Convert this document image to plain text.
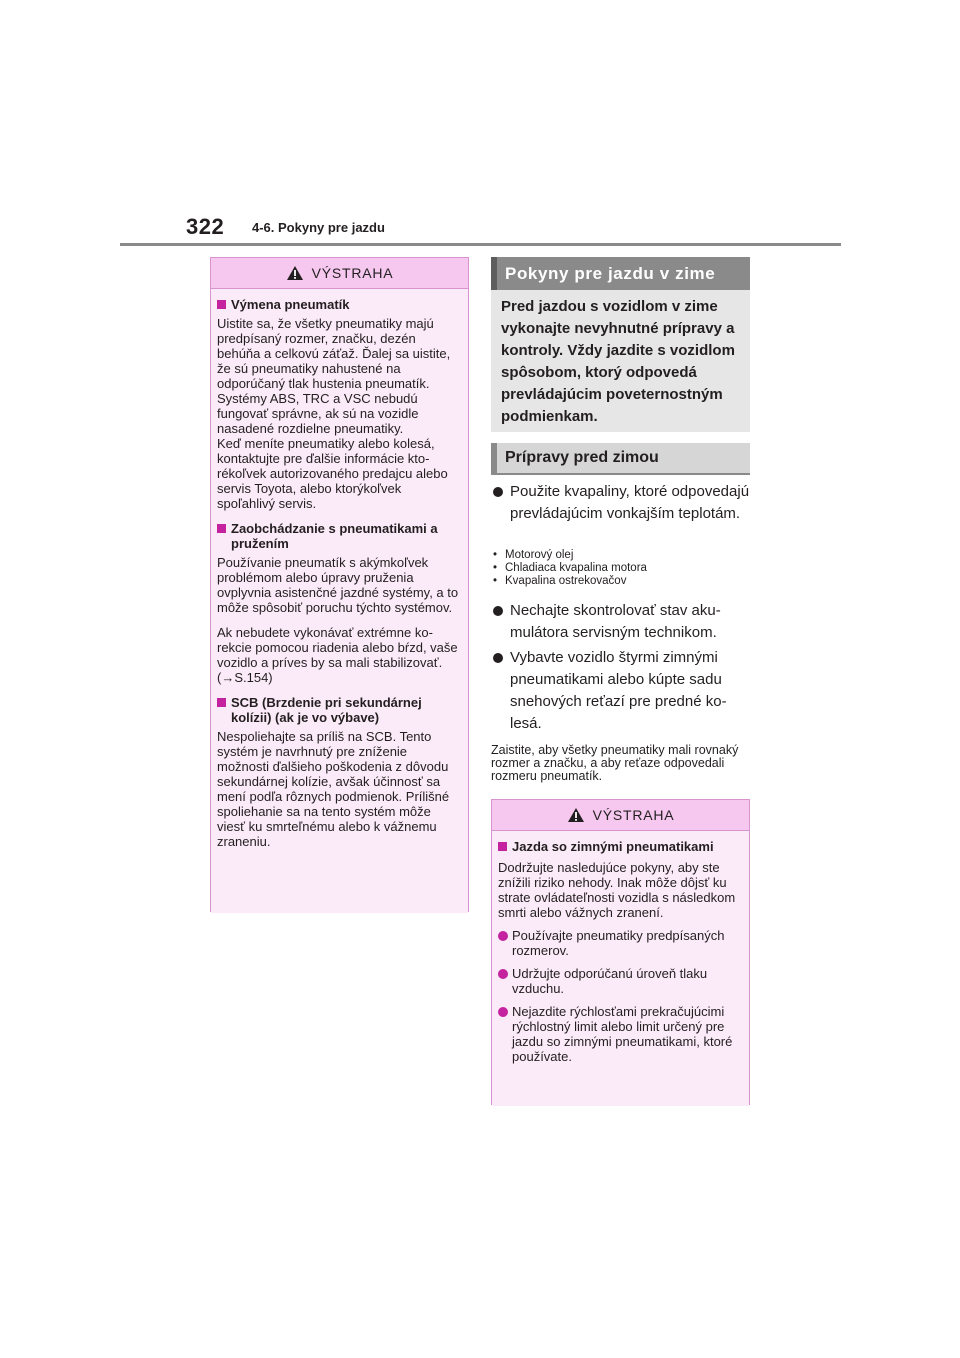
322 4-6. Pokyny pre jazdu
VÝSTRAHA
Výmena pneumatík
Uistite sa, že všetky pneumatiky majú predpísaný rozmer, značku, dezén behúňa a celkovú záťaž. Ďalej sa uistite, že sú pneumatiky nahustené na odporúčaný tlak hustenia pneumatík. Systémy ABS, TRC a VSC nebudú fungovať správne, ak sú na vozidle nasadené rozdielne pneumatiky.
Keď meníte pneumatiky alebo kolesá, kontaktujte pre ďalšie informácie ktorékoľvek autorizovaného predajcu alebo servis Toyota, alebo ktorýkoľvek spoľahlivý servis.
Zaobchádzanie s pneumatikami a pružením
Používanie pneumatík s akýmkoľvek problémom alebo úpravy pruženia ovplyvnia asistenčné jazdné systémy, a to môže spôsobiť poruchu týchto systémov.
Ak nebudete vykonávať extrémne korekcie pomocou riadenia alebo bŕzd, vaše vozidlo a príves by sa mali stabilizovať. (→S.154)
SCB (Brzdenie pri sekundárnej kolízii) (ak je vo výbave)
Nespoliehajte sa príliš na SCB. Tento systém je navrhnutý pre zníženie možnosti ďalšieho poškodenia z dôvodu sekundárnej kolízie, avšak účinnosť sa mení podľa rôznych podmienok. Prílišné spoliehanie sa na tento systém môže viesť ku smrteľnému alebo k vážnemu zraneniu.
Pokyny pre jazdu v zime
Pred jazdou s vozidlom v zime vykonajte nevyhnutné prípravy a kontroly. Vždy jazdite s vozidlom spôsobom, ktorý odpovedá prevládajúcim poveternostným podmienkam.
Prípravy pred zimou
Použite kvapaliny, ktoré odpovedajú prevládajúcim vonkajším teplotám.
• Motorový olej
• Chladiaca kvapalina motora
• Kvapalina ostrekovačov
Nechajte skontrolovať stav akumulátora servisným technikom.
Vybavte vozidlo štyrmi zimnými pneumatikami alebo kúpte sadu snehových reťazí pre predné kolesá.
Zaistite, aby všetky pneumatiky mali rovnaký rozmer a značku, a aby reťaze odpovedali rozmeru pneumatík.
VÝSTRAHA
Jazda so zimnými pneumatikami
Dodržujte nasledujúce pokyny, aby ste znížili riziko nehody. Inak môže dôjsť ku strate ovládateľnosti vozidla s následkom smrti alebo vážnych zranení.
Používajte pneumatiky predpísaných rozmerov.
Udržujte odporúčanú úroveň tlaku vzduchu.
Nejazdite rýchlosťami prekračujúcimi rýchlostný limit alebo limit určený pre jazdu so zimnými pneumatikami, ktoré používate.
